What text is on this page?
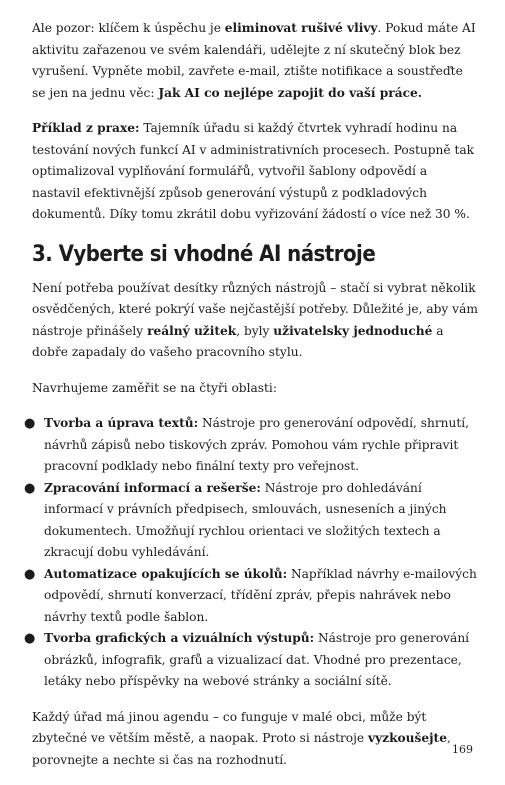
Ale pozor: klíčem k úspěchu je eliminovat rušivé vlivy. Pokud máte AI aktivitu zařazenou ve svém kalendáři, udělejte z ní skutečný blok bez vyrušení. Vypněte mobil, zavřete e-mail, ztište notifikace a soustřeďte se jen na jednu věc: Jak AI co nejlépe zapojit do vaší práce.

Příklad z praxe: Tajemník úřadu si každý čtvrtek vyhradí hodinu na testování nových funkcí AI v administrativních procesech. Postupně tak optimalizoval vyplňování formulářů, vytvořil šablony odpovědí a nastavil efektivnější způsob generování výstupů z podkladových dokumentů. Díky tomu zkrátil dobu vyřizování žádostí o více než 30 %.

3. Vyberte si vhodné AI nástroje

Není potřeba používat desítky různých nástrojů – stačí si vybrat několik osvědčených, které pokrýí vaše nejčastější potřeby. Důležité je, aby vám nástroje přinášely reálný užitek, byly uživatelsky jednoduché a dobře zapadaly do vašeho pracovního stylu.

Navrhujeme zaměřit se na čtyři oblasti:

● Tvorba a úprava textů: Nástroje pro generování odpovědí, shrnutí, návrhů zápisů nebo tiskových zpráv. Pomohou vám rychle připravit pracovní podklady nebo finální texty pro veřejnost.
● Zpracování informací a rešerše: Nástroje pro dohledávání informací v právních předpisech, smlouvách, usneseních a jiných dokumentech. Umožňují rychlou orientaci ve složitých textech a zkracují dobu vyhledávání.
● Automatizace opakujících se úkolů: Například návrhy e-mailových odpovědí, shrnutí konverzací, třídění zpráv, přepis nahrávek nebo návrhy textů podle šablon.
● Tvorba grafických a vizuálních výstupů: Nástroje pro generování obrázků, infografik, grafů a vizualizací dat. Vhodné pro prezentace, letáky nebo příspěvky na webové stránky a sociální sítě.

Každý úřad má jinou agendu – co funguje v malé obci, může být zbytečné ve větším městě, a naopak. Proto si nástroje vyzkoušejte, porovnejte a nechte si čas na rozhodnutí.

169
